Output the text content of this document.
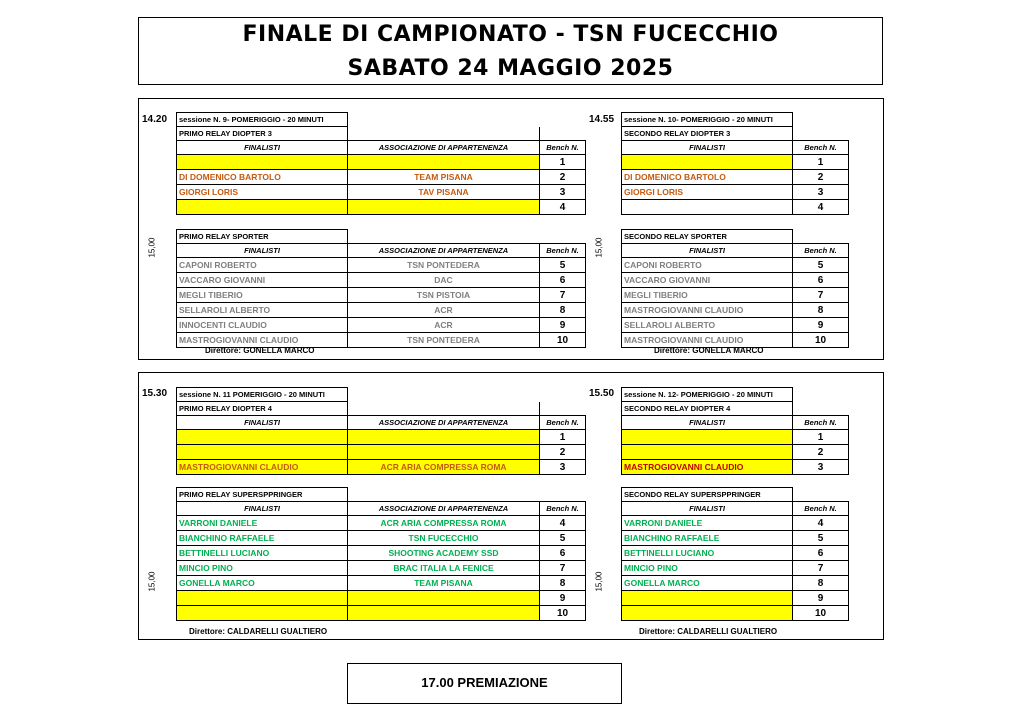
FINALE DI CAMPIONATO - TSN FUCECCHIO
SABATO 24 MAGGIO 2025
14.20 sessione N. 9- POMERIGGIO - 20 MINUTI		
PRIMO RELAY DIOPTER 3		
FINALISTI	ASSOCIAZIONE DI APPARTENENZA	Bench N.
		1
DI DOMENICO BARTOLO	TEAM PISANA	2
GIORGI LORIS	TAV PISANA	3
		4
15,00
PRIMO RELAY SPORTER		
FINALISTI	ASSOCIAZIONE DI APPARTENENZA	Bench N.
CAPONI ROBERTO	TSN PONTEDERA	5
VACCARO GIOVANNI	DAC	6
MEGLI TIBERIO	TSN PISTOIA	7
SELLAROLI ALBERTO	ACR	8
INNOCENTI CLAUDIO	ACR	9
MASTROGIOVANNI CLAUDIO	TSN PONTEDERA	10
Direttore: GONELLA MARCO
14.55 sessione N. 10- POMERIGGIO - 20 MINUTI	
SECONDO RELAY DIOPTER 3	
FINALISTI	Bench N.
	1
DI DOMENICO BARTOLO	2
GIORGI LORIS	3
	4
15,00
SECONDO RELAY SPORTER	
FINALISTI	Bench N.
CAPONI ROBERTO	5
VACCARO GIOVANNI	6
MEGLI TIBERIO	7
MASTROGIOVANNI CLAUDIO	8
SELLAROLI ALBERTO	9
MASTROGIOVANNI CLAUDIO	10
Direttore: GONELLA MARCO
15.30 sessione N. 11 POMERIGGIO - 20 MINUTI		
PRIMO RELAY DIOPTER 4		
FINALISTI	ASSOCIAZIONE DI APPARTENENZA	Bench N.
		1
		2
MASTROGIOVANNI CLAUDIO	ACR ARIA COMPRESSA ROMA	3
PRIMO RELAY SUPERSPPRINGER		
FINALISTI	ASSOCIAZIONE DI APPARTENENZA	Bench N.
VARRONI DANIELE	ACR ARIA COMPRESSA ROMA	4
BIANCHINO RAFFAELE	TSN FUCECCHIO	5
BETTINELLI LUCIANO	SHOOTING ACADEMY SSD	6
MINCIO PINO	BRAC ITALIA LA FENICE	7
GONELLA MARCO	TEAM PISANA	8
		9
		10
15,00
Direttore: CALDARELLI GUALTIERO
15.50 sessione N. 12- POMERIGGIO - 20 MINUTI	
SECONDO RELAY DIOPTER 4	
FINALISTI	Bench N.
	1
	2
MASTROGIOVANNI CLAUDIO	3
SECONDO RELAY SUPERSPPRINGER	
FINALISTI	Bench N.
VARRONI DANIELE	4
BIANCHINO RAFFAELE	5
BETTINELLI LUCIANO	6
MINCIO PINO	7
GONELLA MARCO	8
	9
	10
15,00
Direttore: CALDARELLI GUALTIERO
17.00 PREMIAZIONE
